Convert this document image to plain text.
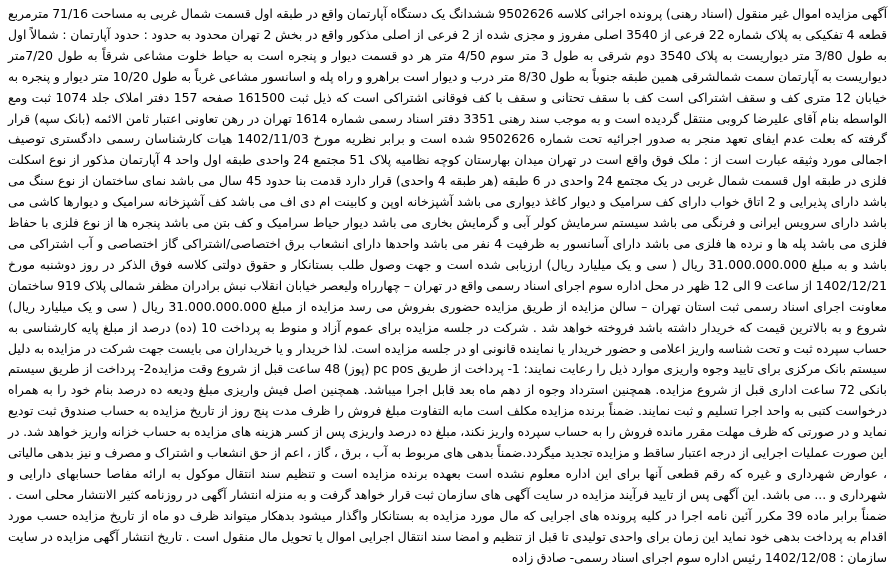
آگهی مزایده اموال غیر منقول (اسناد رهنی) پرونده اجرائی کلاسه 9502626 ششدانگ یک دستگاه آپارتمان واقع در طبقه اول قسمت شمال غربی به مساحت 71/16 مترمربع قطعه 4 تفکیکی به پلاک شماره 22 فرعی از 3540 اصلی مفروز و مجزی شده از 2 فرعی از اصلی مذکور واقع در بخش 2 تهران محدود به حدود : حدود آپارتمان : شمالاً اول به طول 3/80 متر دیواریست به پلاک 3540 دوم شرقی به طول 3 متر سوم 4/50 متر هر دو قسمت دیوار و پنجره است به حیاط خلوت مشاعی شرقاً به طول 7/20متر دیواریست به آپارتمان سمت شمالشرقی همین طبقه جنوباً به طول 8/30 متر درب و دیوار است براهرو و راه پله و اسانسور مشاعی غرباً به طول 10/20 متر دیوار و پنجره به خیابان 12 متری کف و سقف اشتراکی است کف با سقف تحتانی و سقف با کف فوقانی اشتراکی است که ذیل ثبت 161500 صفحه 157 دفتر املاک جلد 1074 ثبت ومع الواسطه بنام آقای علیرضا کروبی منتقل گردیده است و به موجب سند رهنی 3351 دفتر اسناد رسمی شماره 1614 تهران در رهن تعاونی اعتبار ثامن الائمه (بانک سپه) قرار گرفته که بعلت عدم ایفای تعهد منجر به صدور اجرائیه تحت شماره 9502626 شده است و برابر نظریه مورخ 1402/11/03 هیات کارشناسان رسمی دادگستری توصیف اجمالی مورد وثیقه عبارت است از : ملک فوق واقع است در تهران میدان بهارستان کوچه نظامیه پلاک 51 مجتمع 24 واحدی طبقه اول واحد 4 آپارتمان مذکور از نوع اسکلت فلزی در طبقه اول قسمت شمال غربی در یک مجتمع 24 واحدی در 6 طبقه (هر طبقه 4 واحدی) قرار دارد قدمت بنا حدود 45 سال می باشد نمای ساختمان از نوع سنگ می باشد دارای پذیرایی و 2 اتاق خواب دارای کف سرامیک و دیوار کاغذ دیواری می باشد آشپزخانه اوپن و کابینت ام دی اف می باشد کف آشپزخانه سرامیک و دیوارها کاشی می باشد دارای سرویس ایرانی و فرنگی می باشد سیستم سرمایش کولر آبی و گرمایش بخاری می باشد دیوار حیاط سرامیک و کف بتن می باشد پنجره ها از نوع فلزی با حفاظ فلزی می باشد پله ها و نرده ها فلزی می باشد دارای آسانسور به ظرفیت 4 نفر می باشد واحدها دارای انشعاب برق اختصاصی/اشتراکی گاز اختصاصی و آب اشتراکی می باشد و به مبلغ 31.000.000.000 ریال ( سی و یک میلیارد ریال) ارزیابی شده است و جهت وصول طلب بستانکار و حقوق دولتی کلاسه فوق الذکر در روز دوشنبه مورخ 1402/12/21 از ساعت 9 الی 12 ظهر در محل اداره سوم اجرای اسناد رسمی واقع در تهران – چهارراه ولیعصر خیابان انقلاب نبش برادران مظفر شمالی پلاک 919 ساختمان معاونت اجرای اسناد رسمی ثبت استان تهران – سالن مزایده از طریق مزایده حضوری بفروش می رسد مزایده از مبلغ 31.000.000.000 ریال ( سی و یک میلیارد ریال) شروع و به بالاترین قیمت که خریدار داشته باشد فروخته خواهد شد . شرکت در جلسه مزایده برای عموم آزاد و منوط به پرداخت 10 (ده) درصد از مبلغ پایه کارشناسی به حساب سپرده ثبت و تحت شناسه واریز اعلامی و حضور خریدار یا نماینده قانونی او در جلسه مزایده است. لذا خریدار و یا خریداران می بایست جهت شرکت در مزایده به دلیل سیستم بانک مرکزی برای تایید وجوه واریزی موارد ذیل را رعایت نمایند: 1- پرداخت از طریق pc pos (پوز) 48 ساعت قبل از شروع وقت مزایده2- پرداخت از طریق سیستم بانکی 72 ساعت اداری قبل از شروع مزایده. همچنین استرداد وجوه از دهم ماه بعد قابل اجرا میباشد. همچنین اصل فیش واریزی مبلغ ودیعه ده درصد بنام خود را به همراه درخواست کتبی به واحد اجرا تسلیم و ثبت نمایند. ضمناً برنده مزایده مکلف است مابه التفاوت مبلغ فروش را ظرف مدت پنج روز از تاریخ مزایده به حساب صندوق ثبت تودیع نماید و در صورتی که ظرف مهلت مقرر مانده فروش را به حساب سپرده واریز نکند، مبلغ ده درصد واریزی پس از کسر هزینه های مزایده به حساب خزانه واریز خواهد شد. در این صورت عملیات اجرایی از درجه اعتبار ساقط و مزایده تجدید میگردد.ضمناً بدهی های مربوط به آب ، برق ، گاز ، اعم از حق انشعاب و اشتراک و مصرف و نیز بدهی مالیاتی ، عوارض شهرداری و غیره که رقم قطعی آنها برای این اداره معلوم نشده است بعهده برنده مزایده است و تنظیم سند انتقال موکول به ارائه مفاصا حسابهای دارایی و شهرداری و ... می باشد. این آگهی پس از تایید فرآیند مزایده در سایت آگهی های سازمان ثبت قرار خواهد گرفت و به منزله انتشار آگهی در روزنامه کثیر الانتشار محلی است . ضمناً برابر ماده 39 مکرر آئین نامه اجرا در کلیه پرونده های اجرایی که مال مورد مزایده به بستانکار واگذار میشود بدهکار میتواند ظرف دو ماه از تاریخ مزایده حسب مورد اقدام به پرداخت بدهی خود نماید این زمان برای واحدی تولیدی تا قبل از تنظیم و امضا سند انتقال اجرایی اموال یا تحویل مال منقول است . تاریخ انتشار آگهی مزایده در سایت سازمان : 1402/12/08 رئیس اداره سوم اجرای اسناد رسمی- صادق زاده
